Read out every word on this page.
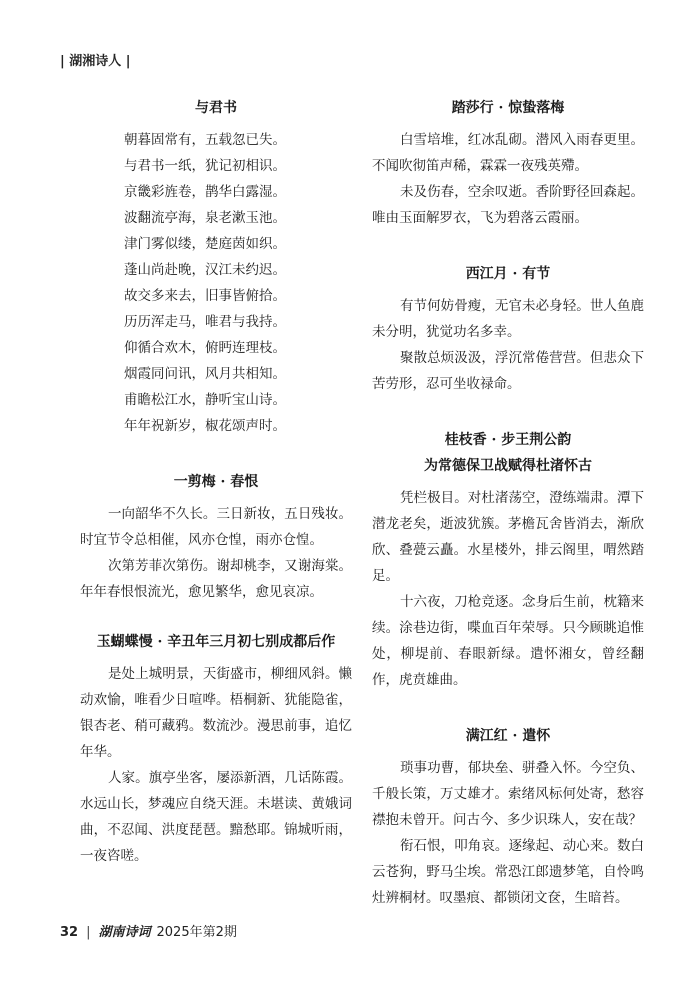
| 湖湘诗人 |
与君书
朝暮固常有，五载忽已失。
与君书一纸，犹记初相识。
京畿彩旌卷，鹊华白露湿。
波翻流亭海，泉老漱玉池。
津门雾似缕，楚庭茵如织。
蓬山尚赴晚，汉江未约迟。
故交多来去，旧事皆俯拾。
历历浑走马，唯君与我持。
仰循合欢木，俯眄连理枝。
烟霞同问讯，风月共相知。
甫瞻松江水，静听宝山诗。
年年祝新岁，椒花颂声时。
一剪梅 · 春恨

一向韶华不久长。三日新妆，五日残妆。时宜节令总相催，风亦仓惶，雨亦仓惶。

次第芳菲次第伤。谢却桃李，又谢海棠。年年春恨恨流光，愈见繁华，愈见哀凉。

玉蝴蝶慢 · 辛丑年三月初七别成都后作

是处上城明景，天街盛市，柳细风斜。懒动欢愉，唯看少日喧哗。梧桐新、犹能隐雀，银杏老、稍可藏鸦。数流沙。漫思前事，追忆年华。

人家。旗亭坐客，屡添新酒，几话陈霞。水远山长，梦魂应自绕天涯。未堪读、黄娥词曲，不忍闻、洪度琵琶。黯愁耶。锦城听雨，一夜咨嗟。

踏莎行 · 惊蛰落梅

白雪培堆，红冰乱砌。潜风入雨春更里。不闻吹彻笛声稀，霖霖一夜残英殢。

未及伤春，空余叹逝。香阶野径回森起。唯由玉面解罗衣，飞为碧落云霞丽。

西江月 · 有节

有节何妨骨瘦，无官未必身轻。世人鱼鹿未分明，犹觉功名多幸。

聚散总烦汲汲，浮沉常倦营营。但悲众下苦劳形，忍可坐收禄命。

桂枝香 · 步王荆公韵
为常德保卫战赋得杜渚怀古

凭栏极目。对杜渚荡空，澄练端肃。潭下潜龙老矣，逝波犹簇。茅檐瓦舍皆消去，渐欣欣、叠甍云矗。水星楼外，排云阁里，喟然踏足。

十六夜，刀枪竞逐。念身后生前，枕籍来续。涂巷边街，喋血百年荣辱。只今顾眺追惟处，柳堤前、春眼新绿。遣怀湘女，曾经翻作，虎贲雄曲。

满江红 · 遣怀

琐事功曹，郁块垒、骈叠入怀。今空负、千般长策，万丈雄才。索绪风标何处寄，愁容襟抱未曾开。问古今、多少识珠人，安在哉？

衔石恨，叩角哀。逐缘起、动心来。数白云苍狗，野马尘埃。常恐江郎遗梦笔，自怜鸣灶辨桐材。叹墨痕、都锁闭文奁，生暗苔。

32 | 湖南诗词 2025年第2期
